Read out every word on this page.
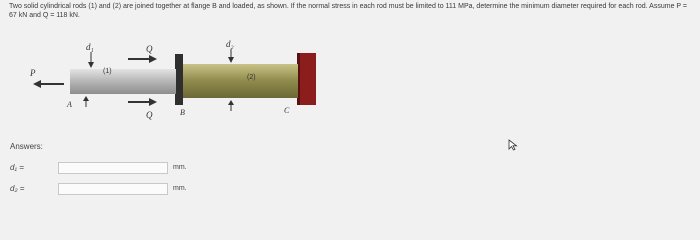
Two solid cylindrical rods (1) and (2) are joined together at flange B and loaded, as shown. If the normal stress in each rod must be limited to 111 MPa, determine the minimum diameter required for each rod. Assume P = 67 kN and Q = 118 kN.
d₁	d₂
Q
Q
P
A
B	C
(1)
(2)
Answers:
d₁ =	mm.
d₂ =	mm.
